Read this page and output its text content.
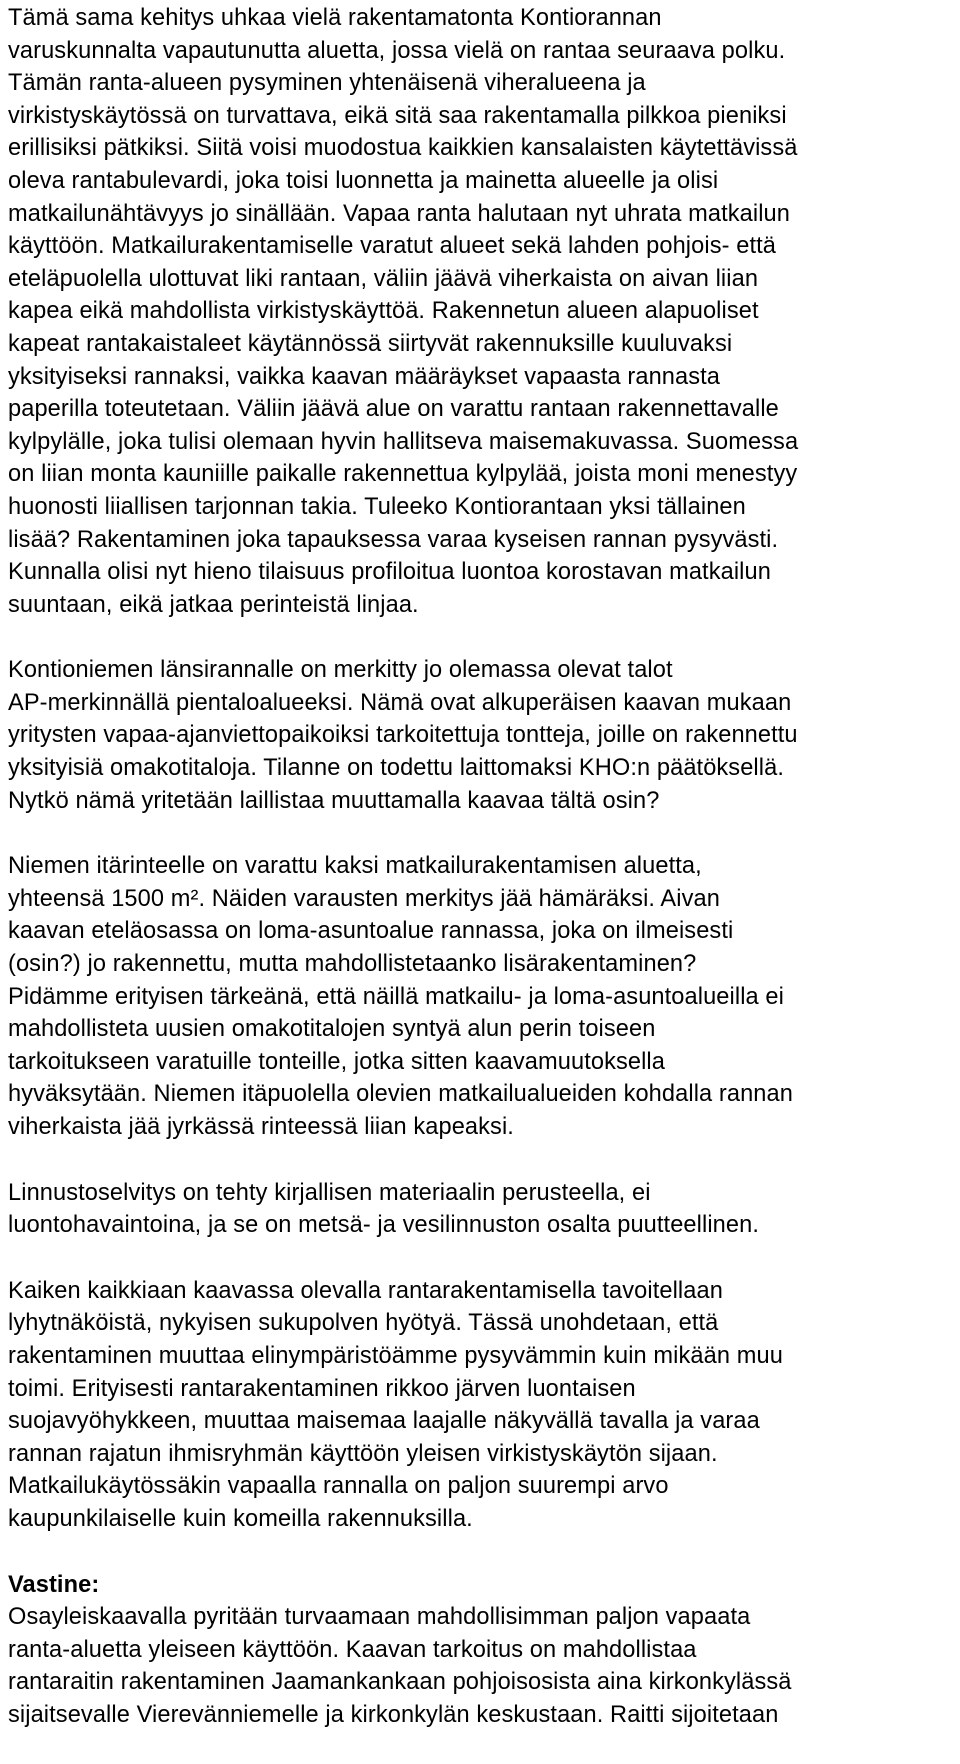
Tämä sama kehitys uhkaa vielä rakentamatonta Kontiorannan
varuskunnalta vapautunutta aluetta, jossa vielä on rantaa seuraava polku.
Tämän ranta-alueen pysyminen yhtenäisenä viheralueena ja
virkistyskäytössä on turvattava, eikä sitä saa rakentamalla pilkkoa pieniksi
erillisiksi pätkiksi. Siitä voisi muodostua kaikkien kansalaisten käytettävissä
oleva rantabulevardi, joka toisi luonnetta ja mainetta alueelle ja olisi
matkailunähtävyys jo sinällään. Vapaa ranta halutaan nyt uhrata matkailun
käyttöön. Matkailurakentamiselle varatut alueet sekä lahden pohjois- että
eteläpuolella ulottuvat liki rantaan, väliin jäävä viherkaista on aivan liian
kapea eikä mahdollista virkistyskäyttöä. Rakennetun alueen alapuoliset
kapeat rantakaistaleet käytännössä siirtyvät rakennuksille kuuluvaksi
yksityiseksi rannaksi, vaikka kaavan määräykset vapaasta rannasta
paperilla toteutetaan. Väliin jäävä alue on varattu rantaan rakennettavalle
kylpylälle, joka tulisi olemaan hyvin hallitseva maisemakuvassa. Suomessa
on liian monta kauniille paikalle rakennettua kylpylää, joista moni menestyy
huonosti liiallisen tarjonnan takia. Tuleeko Kontiorantaan yksi tällainen
lisää? Rakentaminen joka tapauksessa varaa kyseisen rannan pysyvästi.
Kunnalla olisi nyt hieno tilaisuus profiloitua luontoa korostavan matkailun
suuntaan, eikä jatkaa perinteistä linjaa.

Kontioniemen länsirannalle on merkitty jo olemassa olevat talot
AP-merkinnällä pientaloalueeksi. Nämä ovat alkuperäisen kaavan mukaan
yritysten vapaa-ajanviettopaikoiksi tarkoitettuja tontteja, joille on rakennettu
yksityisiä omakotitaloja. Tilanne on todettu laittomaksi KHO:n päätöksellä.
Nytkö nämä yritetään laillistaa muuttamalla kaavaa tältä osin?

Niemen itärinteelle on varattu kaksi matkailurakentamisen aluetta,
yhteensä 1500 m². Näiden varausten merkitys jää hämäräksi. Aivan
kaavan eteläosassa on loma-asuntoalue rannassa, joka on ilmeisesti
(osin?) jo rakennettu, mutta mahdollistetaanko lisärakentaminen?
Pidämme erityisen tärkeänä, että näillä matkailu- ja loma-asuntoalueilla ei
mahdollisteta uusien omakotitalojen syntyä alun perin toiseen
tarkoitukseen varatuille tonteille, jotka sitten kaavamuutoksella
hyväksytään. Niemen itäpuolella olevien matkailualueiden kohdalla rannan
viherkaista jää jyrkässä rinteessä liian kapeaksi.

Linnustoselvitys on tehty kirjallisen materiaalin perusteella, ei
luontohavaintoina, ja se on metsä- ja vesilinnuston osalta puutteellinen.

Kaiken kaikkiaan kaavassa olevalla rantarakentamisella tavoitellaan
lyhytnäköistä, nykyisen sukupolven hyötyä. Tässä unohdetaan, että
rakentaminen muuttaa elinympäristöämme pysyvämmin kuin mikään muu
toimi. Erityisesti rantarakentaminen rikkoo järven luontaisen
suojavyöhykkeen, muuttaa maisemaa laajalle näkyvällä tavalla ja varaa
rannan rajatun ihmisryhmän käyttöön yleisen virkistyskäytön sijaan.
Matkailukäytössäkin vapaalla rannalla on paljon suurempi arvo
kaupunkilaiselle kuin komeilla rakennuksilla.

Vastine:
Osayleiskaavalla pyritään turvaamaan mahdollisimman paljon vapaata
ranta-aluetta yleiseen käyttöön. Kaavan tarkoitus on mahdollistaa
rantaraitin rakentaminen Jaamankankaan pohjoisosista aina kirkonkylässä
sijaitsevalle Vierevänniemelle ja kirkonkylän keskustaan. Raitti sijoitetaan
